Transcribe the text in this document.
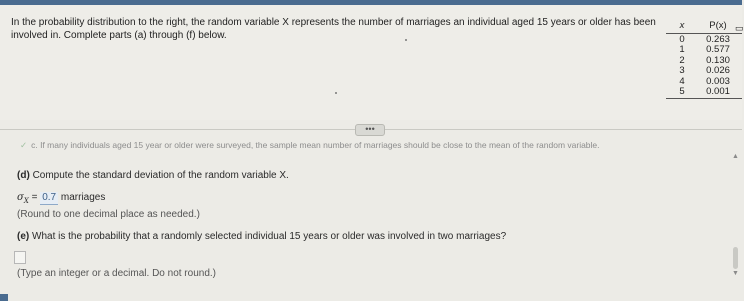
In the probability distribution to the right, the random variable X represents the number of marriages an individual aged 15 years or older has been involved in. Complete parts (a) through (f) below.
x	P(x)
0	0.263
1	0.577
2	0.130
3	0.026
4	0.003
5	0.001
▭
•••
✓ c. If many individuals aged 15 year or older were surveyed, the sample mean number of marriages should be close to the mean of the random variable.
▲
▼
(d) Compute the standard deviation of the random variable X.
$\sigma_X = 0.7$ marriages
(Round to one decimal place as needed.)
(e) What is the probability that a randomly selected individual 15 years or older was involved in two marriages?
(Type an integer or a decimal. Do not round.)
